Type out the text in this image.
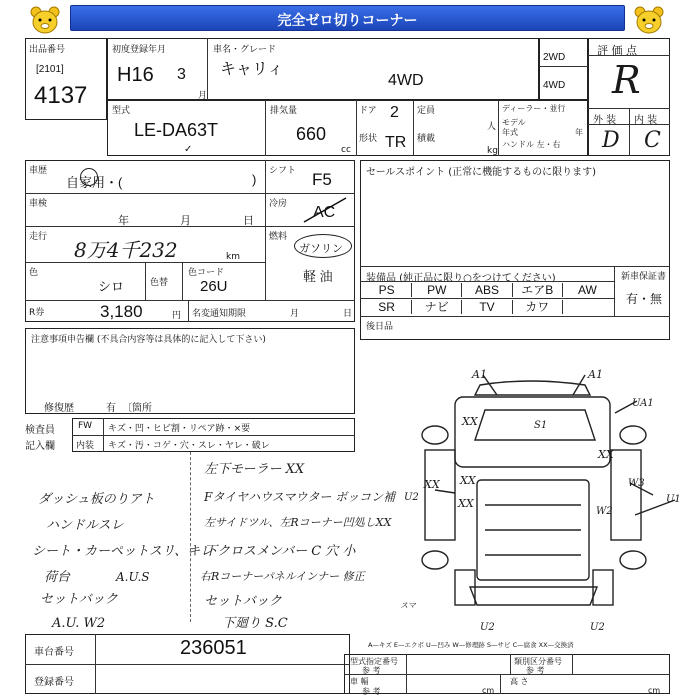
完全ゼロ切りコーナー
出品番号
[2101]
4137
初度登録年月
H16 3
月
車名・グレード
キャリィ
4WD
2WD
4WD
評 価 点
R
外 装 内 装
D C
型式
LE-DA63T
✓
排気量
660
cc
ドア 2
形状 TR
定員
人
積載
kg
ディーラー・並行
モデル
年式	年
ハンドル 左・右
車歴
自家用・(	)
シフト F5
車検
年	月	日
冷房 AC
走行
8万4千232	km
燃料
ガソリン
軽 油
色
シロ	色替
色コード
26U
R券	3,180	円 名変通知期限	月	日
セールスポイント (正常に機能するものに限ります)
装備品 (純正品に限り○をつけてください)	新車保証書
有・無
PS	PW	ABS	エアB	AW
SR	ナビ	TV	カワ
後日品
注意事項申告欄 (不具合内容等は具体的に記入して下さい)
修復歴	有 〔箇所
検査員
記入欄
FW キズ・凹・ヒビ割・リペア跡・×要
内装 キズ・汚・コゲ・穴・スレ・ヤレ・破レ
左下モーラー XX
ダッシュ板のりアト	Fタイヤハウスマウター ボッコン補
ハンドルスレ	左サイドツル、左Rコーナー凹処しXX
シート・カーペットスリ、キレ
下クロスメンバー C 穴 小
荷台	A.U.S	右Rコーナーパネルインナー 修正
セットバック	セットバック
A.U. W2	下廻り S.C
A1	A1
UA1
XX	S1
XX
U2
XX
XX
XX
W3
U1
W2
U2	U2
スマ
A—キズ E—エクボ U—凹み W—修理跡 S—サビ C—腐食 XX—交換済
車台番号	236051
登録番号
型式指定番号
参 考
類別区分番号
参 考
車 幅
参 考	cm
高 さ
cm
